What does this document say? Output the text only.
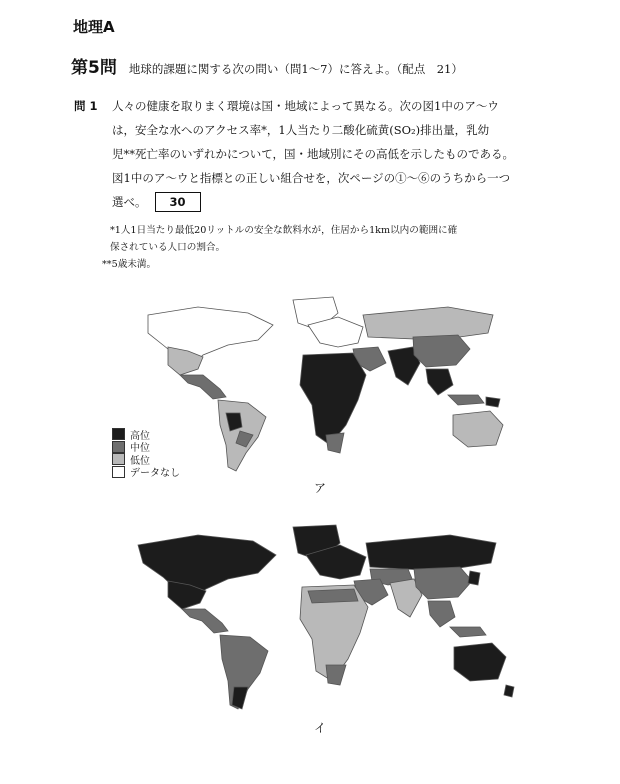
地理A
第5問 地球的課題に関する次の問い（問1～7）に答えよ。（配点　21）
問 1	人々の健康を取りまく環境は国・地域によって異なる。次の図1中のア～ウ
は，安全な水へのアクセス率*，1人当たり二酸化硫黄(SO₂)排出量，乳幼
児**死亡率のいずれかについて，国・地域別にその高低を示したものである。
図1中のア～ウと指標との正しい組合せを，次ページの①～⑥のうちから一つ
選べ。 30
*1人1日当たり最低20リットルの安全な飲料水が，住居から1km以内の範囲に確
保されている人口の割合。
**5歳未満。
ア
高位
中位
低位
データなし
イ
